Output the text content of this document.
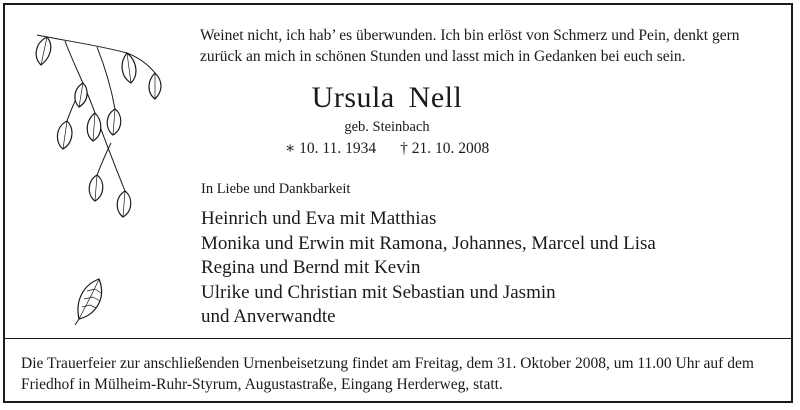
Weinet nicht, ich hab’ es überwunden. Ich bin erlöst von Schmerz und Pein, denkt gern
zurück an mich in schönen Stunden und lasst mich in Gedanken bei euch sein.

Ursula Nell
geb. Steinbach
∗ 10. 11. 1934 † 21. 10. 2008
In Liebe und Dankbarkeit
Heinrich und Eva mit Matthias
Monika und Erwin mit Ramona, Johannes, Marcel und Lisa
Regina und Bernd mit Kevin
Ulrike und Christian mit Sebastian und Jasmin
und Anverwandte
Die Trauerfeier zur anschließenden Urnenbeisetzung findet am Freitag, dem 31. Oktober 2008, um 11.00 Uhr auf dem
Friedhof in Mülheim-Ruhr-Styrum, Augustastraße, Eingang Herderweg, statt.
